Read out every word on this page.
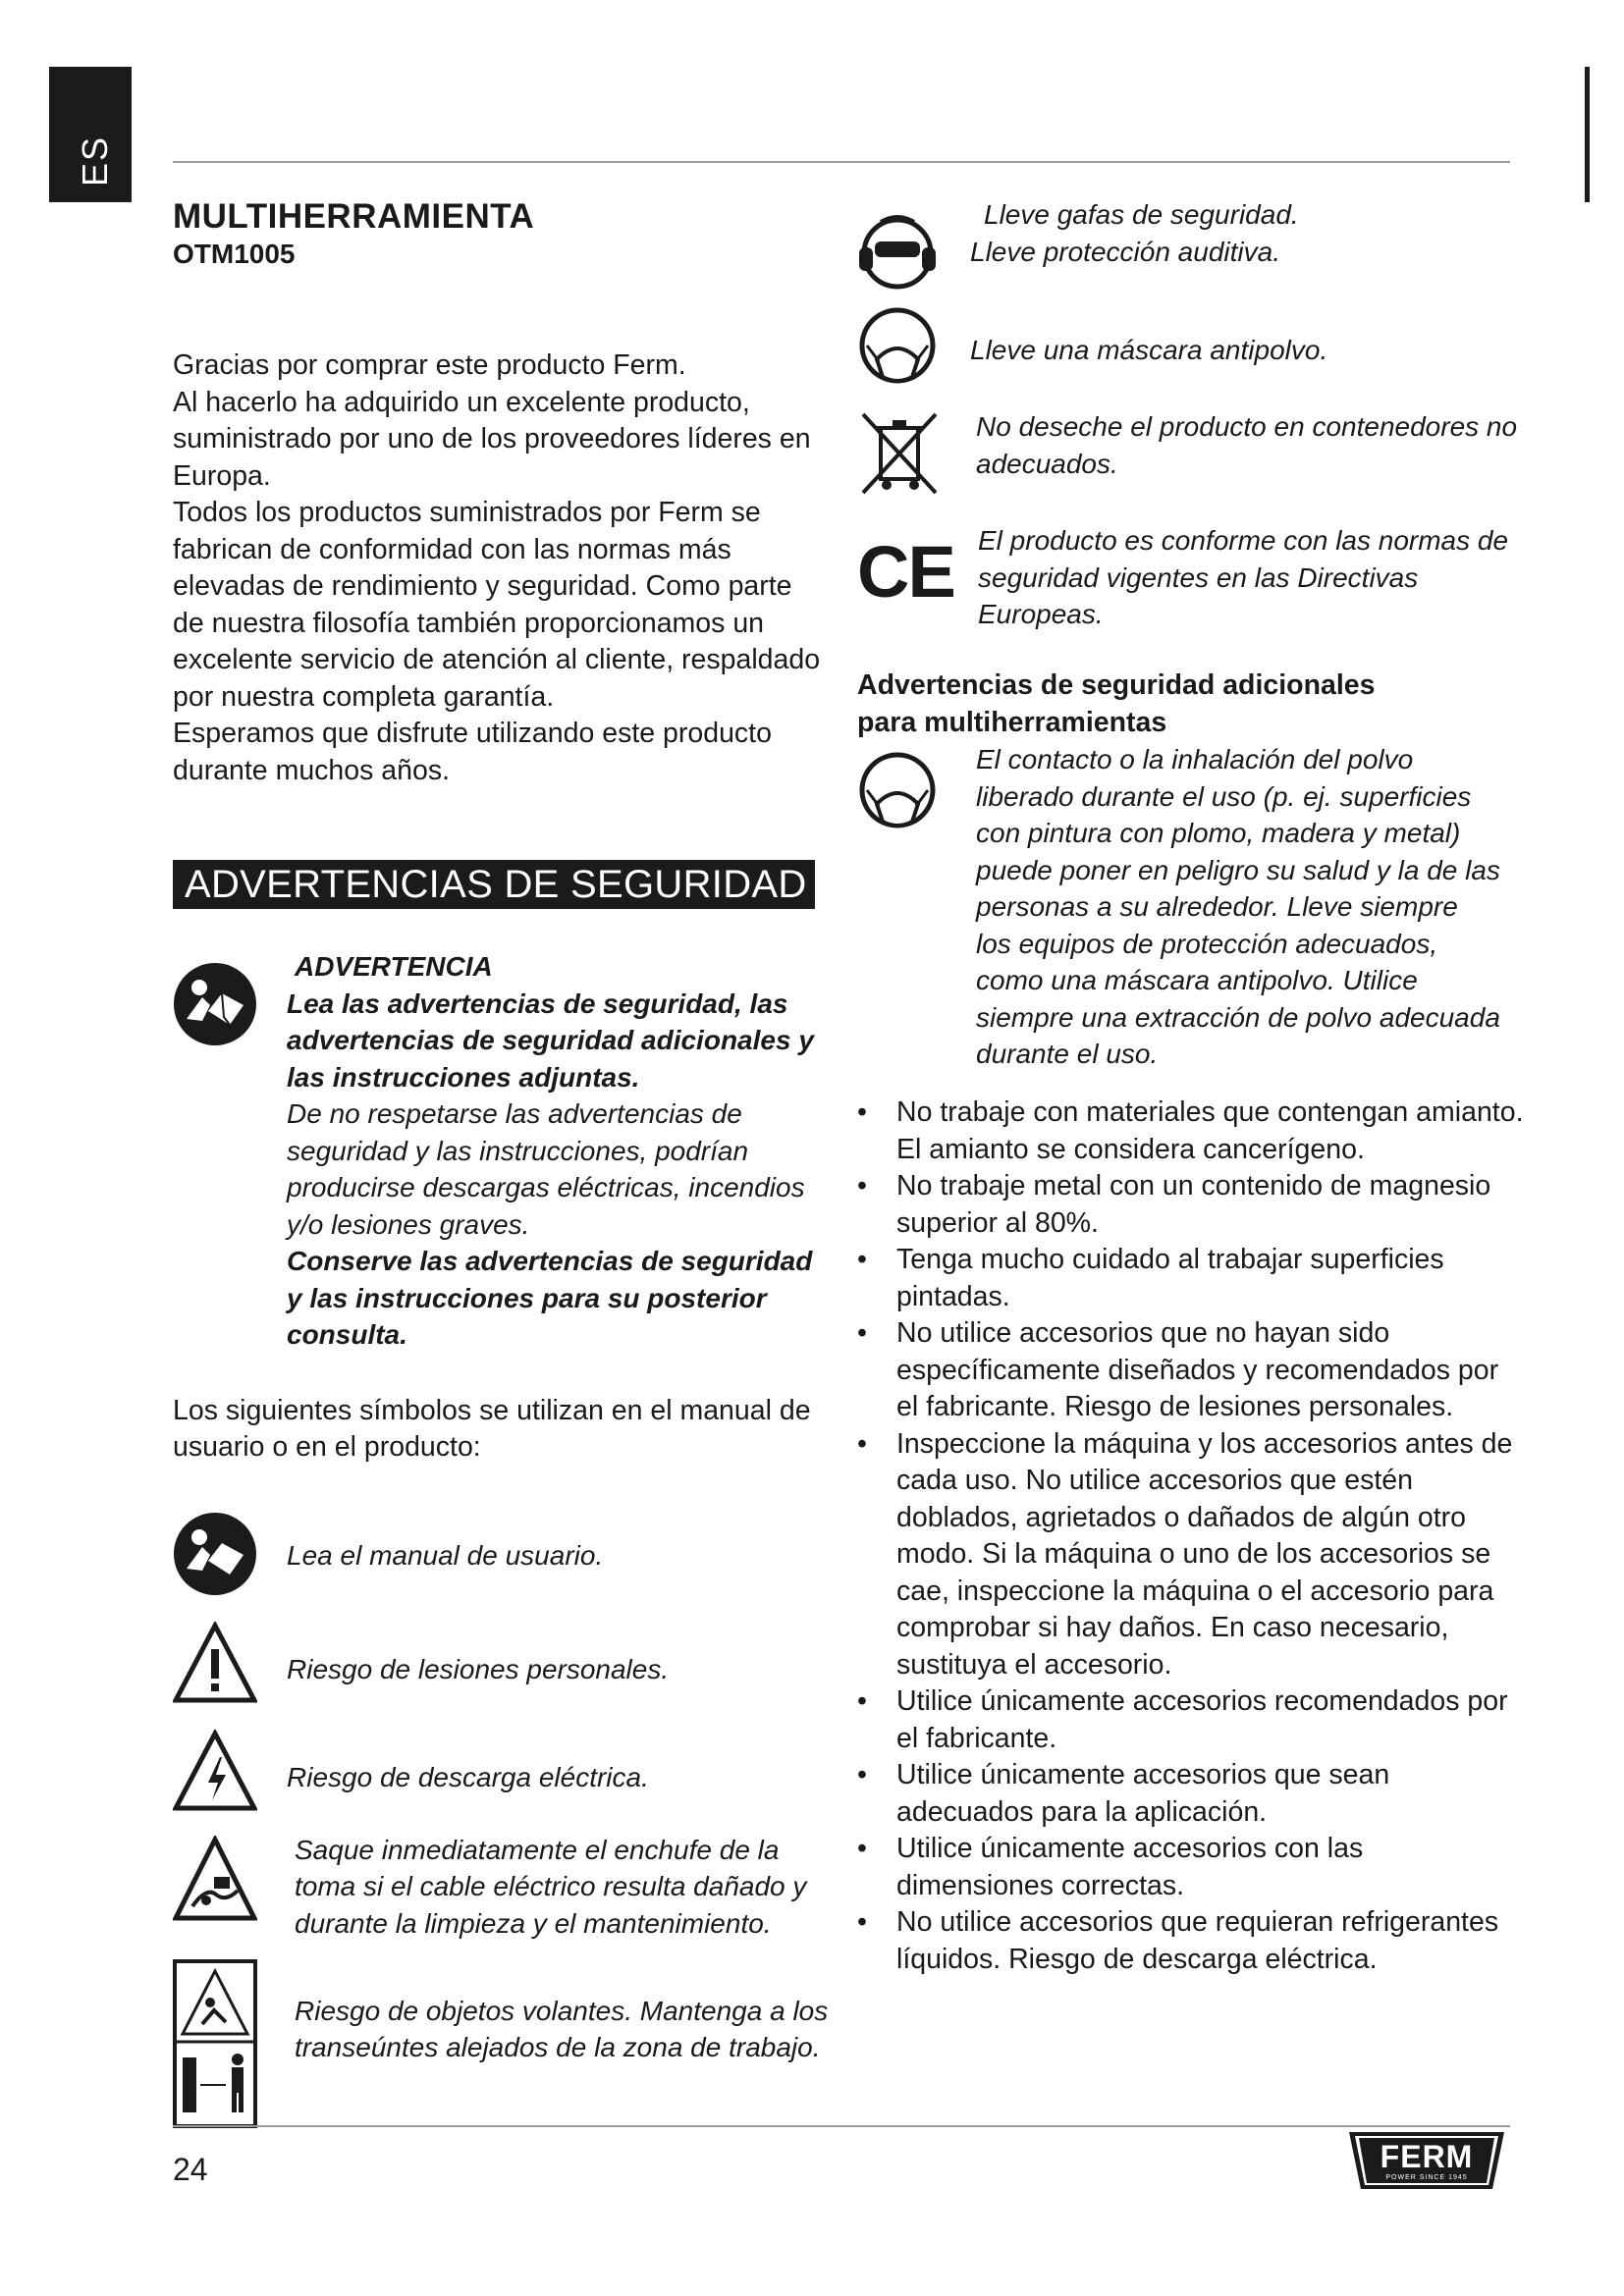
ES
MULTIHERRAMIENTA
OTM1005

Gracias por comprar este producto Ferm.

Al hacerlo ha adquirido un excelente producto, suministrado por uno de los proveedores líderes en Europa.

Todos los productos suministrados por Ferm se fabrican de conformidad con las normas más elevadas de rendimiento y seguridad. Como parte de nuestra filosofía también proporcionamos un excelente servicio de atención al cliente, respaldado por nuestra completa garantía.

Esperamos que disfrute utilizando este producto durante muchos años.

ADVERTENCIAS DE SEGURIDAD
ADVERTENCIA
Lea las advertencias de seguridad, las advertencias de seguridad adicionales y las instrucciones adjuntas.
De no respetarse las advertencias de seguridad y las instrucciones, podrían producirse descargas eléctricas, incendios y/o lesiones graves.
Conserve las advertencias de seguridad y las instrucciones para su posterior consulta.
Los siguientes símbolos se utilizan en el manual de usuario o en el producto:
Lea el manual de usuario.
Riesgo de lesiones personales.
Riesgo de descarga eléctrica.
Saque inmediatamente el enchufe de la toma si el cable eléctrico resulta dañado y durante la limpieza y el mantenimiento.
Riesgo de objetos volantes. Mantenga a los transeúntes alejados de la zona de trabajo.
Lleve gafas de seguridad.
Lleve protección auditiva.
Lleve una máscara antipolvo.
No deseche el producto en contenedores no adecuados.
CE El producto es conforme con las normas de seguridad vigentes en las Directivas Europeas.
Advertencias de seguridad adicionales para multiherramientas
El contacto o la inhalación del polvo liberado durante el uso (p. ej. superficies con pintura con plomo, madera y metal) puede poner en peligro su salud y la de las personas a su alrededor. Lleve siempre los equipos de protección adecuados, como una máscara antipolvo. Utilice siempre una extracción de polvo adecuada durante el uso.
• No trabaje con materiales que contengan amianto. El amianto se considera cancerígeno.
• No trabaje metal con un contenido de magnesio superior al 80%.
• Tenga mucho cuidado al trabajar superficies pintadas.
• No utilice accesorios que no hayan sido específicamente diseñados y recomendados por el fabricante. Riesgo de lesiones personales.
• Inspeccione la máquina y los accesorios antes de cada uso. No utilice accesorios que estén doblados, agrietados o dañados de algún otro modo. Si la máquina o uno de los accesorios se cae, inspeccione la máquina o el accesorio para comprobar si hay daños. En caso necesario, sustituya el accesorio.
• Utilice únicamente accesorios recomendados por el fabricante.
• Utilice únicamente accesorios que sean adecuados para la aplicación.
• Utilice únicamente accesorios con las dimensiones correctas.
• No utilice accesorios que requieran refrigerantes líquidos. Riesgo de descarga eléctrica.
24	FERM
POWER SINCE 1945
